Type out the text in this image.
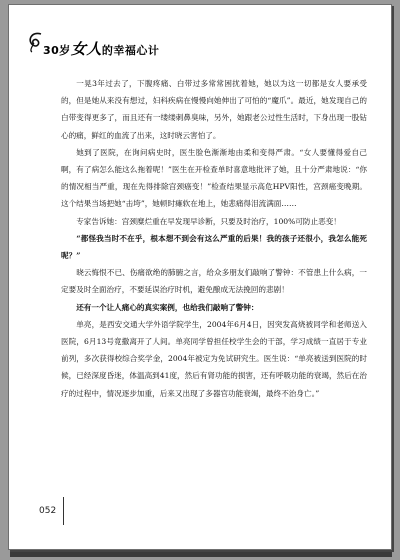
30岁女人的幸福心计

一晃3年过去了，下腹疼痛、白带过多常常困扰着她，她以为这一切都是女人要承受的，但是她从来没有想过，妇科疾病在慢慢向她伸出了可怕的“魔爪”。最近，她发现自己的白带变得更多了，而且还有一缕缕刺鼻臭味，另外，她跟老公过性生活时，下身出现一股钻心的痛，鲜红的血流了出来，这时晓云害怕了。

她到了医院，在询问病史时，医生脸色渐渐地由柔和变得严肃。“女人要懂得爱自己啊，有了病怎么能这么拖着呢！”医生在开检查单时喜意地批评了她，且十分严肃地说：“你的情况相当严重，现在先得排除宫颈癌变！”检查结果显示高危HPV阳性，宫颈癌变晚期。这个结果当场把她“击垮”，她顿时瘫软在地上，她悲痛得泪流满面……

专家告诉她：宫颈糜烂重在早发现早诊断，只要及时治疗，100%可防止恶变！

“都怪我当时不在乎，根本想不到会有这么严重的后果！我的孩子还很小，我怎么能死呢？”

晓云悔恨不已、伤痛欲绝的肺腑之言，给众多朋友们敲响了警钟：不管患上什么病，一定要及时全面治疗，不要延误治疗时机，避免酿成无法挽回的悲剧！

还有一个让人痛心的真实案例，也给我们敲响了警钟：

单亮，是西安交通大学外语学院学生，2004年6月4日，因突发高烧被同学和老师送入医院，6月13号竟撒离开了人间。单亮同学曾担任校学生会的干部，学习成绩一直居于专业前列，多次获得校综合奖学金，2004年被定为免试研究生。医生说：“单亮被送到医院的时候，已经深度昏迷，体温高到41度，然后有肾功能的损害，还有呼吸功能的衰竭，然后在治疗的过程中，情况逐步加重，后来又出现了多器官功能衰竭，最终不治身亡。”

052
